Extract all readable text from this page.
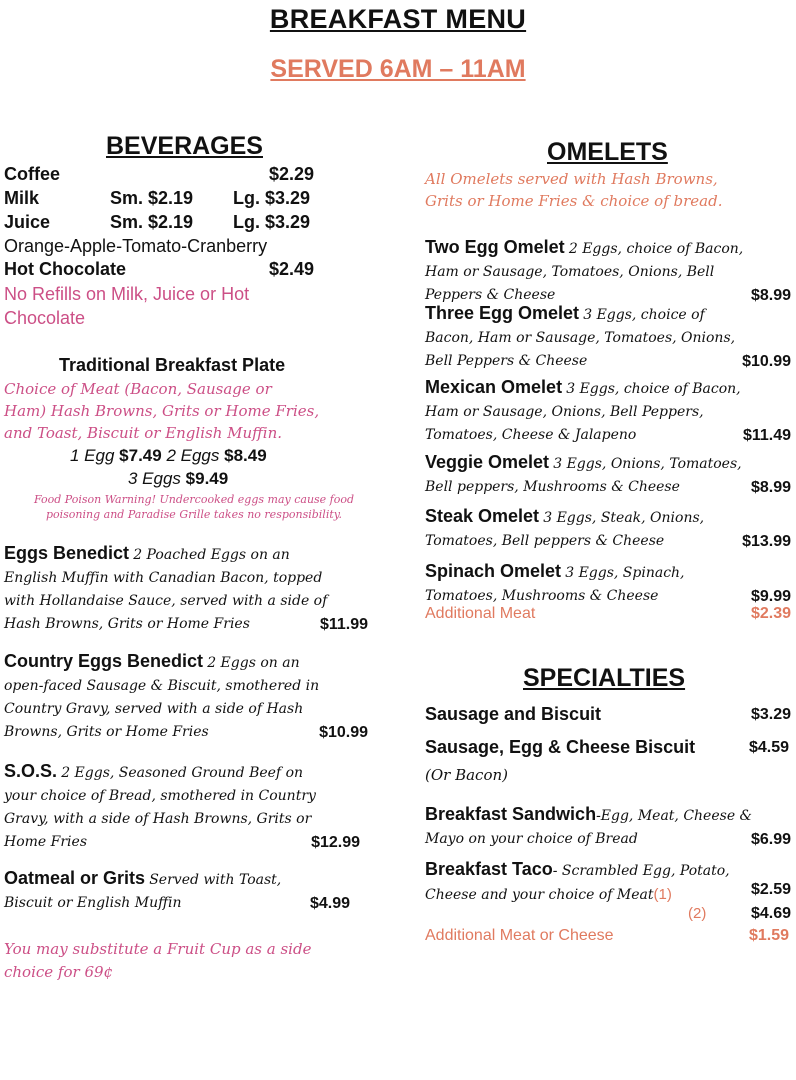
BREAKFAST MENU
SERVED 6AM – 11AM
BEVERAGES
Coffee	$2.29
Milk	Sm. $2.19 Lg. $3.29
Juice	Sm. $2.19 Lg. $3.29
Orange-Apple-Tomato-Cranberry
Hot Chocolate	$2.49
No Refills on Milk, Juice or Hot
Chocolate
Traditional Breakfast Plate
Choice of Meat (Bacon, Sausage or
Ham) Hash Browns, Grits or Home Fries,
and Toast, Biscuit or English Muffin.
1 Egg $7.49 2 Eggs $8.49
3 Eggs $9.49
Food Poison Warning! Undercooked eggs may cause food
poisoning and Paradise Grille takes no responsibility.
Eggs Benedict 2 Poached Eggs on an
English Muffin with Canadian Bacon, topped
with Hollandaise Sauce, served with a side of
Hash Browns, Grits or Home Fries	$11.99
Country Eggs Benedict 2 Eggs on an
open-faced Sausage & Biscuit, smothered in
Country Gravy, served with a side of Hash
Browns, Grits or Home Fries	$10.99
S.O.S. 2 Eggs, Seasoned Ground Beef on
your choice of Bread, smothered in Country
Gravy, with a side of Hash Browns, Grits or
Home Fries	$12.99
Oatmeal or Grits Served with Toast,
Biscuit or English Muffin	$4.99
You may substitute a Fruit Cup as a side
choice for 69¢
OMELETS
All Omelets served with Hash Browns,
Grits or Home Fries & choice of bread.
Two Egg Omelet 2 Eggs, choice of Bacon,
Ham or Sausage, Tomatoes, Onions, Bell
Peppers & Cheese	$8.99
Three Egg Omelet 3 Eggs, choice of
Bacon, Ham or Sausage, Tomatoes, Onions,
Bell Peppers & Cheese	$10.99
Mexican Omelet 3 Eggs, choice of Bacon,
Ham or Sausage, Onions, Bell Peppers,
Tomatoes, Cheese & Jalapeno	$11.49
Veggie Omelet 3 Eggs, Onions, Tomatoes,
Bell peppers, Mushrooms & Cheese	$8.99
Steak Omelet 3 Eggs, Steak, Onions,
Tomatoes, Bell peppers & Cheese	$13.99
Spinach Omelet 3 Eggs, Spinach,
Tomatoes, Mushrooms & Cheese	$9.99
Additional Meat	$2.39
SPECIALTIES
Sausage and Biscuit	$3.29
Sausage, Egg & Cheese Biscuit	$4.59
(Or Bacon)
Breakfast Sandwich-Egg, Meat, Cheese &
Mayo on your choice of Bread	$6.99
Breakfast Taco- Scrambled Egg, Potato,
Cheese and your choice of Meat(1)	$2.59
(2)	$4.69
Additional Meat or Cheese	$1.59
